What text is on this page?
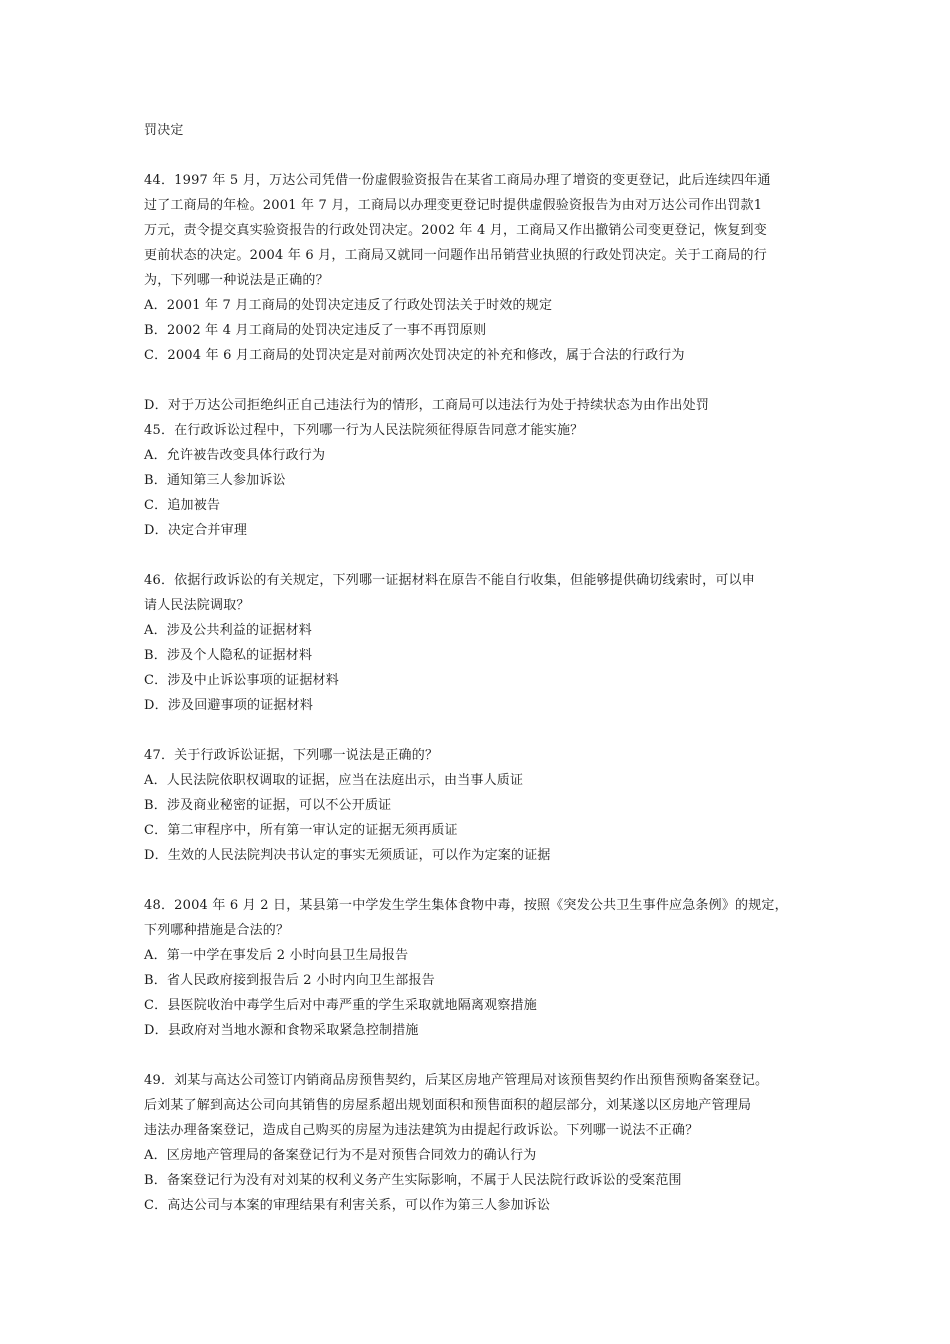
罚决定
44．1997 年 5 月，万达公司凭借一份虚假验资报告在某省工商局办理了增资的变更登记，此后连续四年通
过了工商局的年检。2001 年 7 月，工商局以办理变更登记时提供虚假验资报告为由对万达公司作出罚款1
万元，责令提交真实验资报告的行政处罚决定。2002 年 4 月，工商局又作出撤销公司变更登记，恢复到变
更前状态的决定。2004 年 6 月，工商局又就同一问题作出吊销营业执照的行政处罚决定。关于工商局的行
为，下列哪一种说法是正确的？
A．2001 年 7 月工商局的处罚决定违反了行政处罚法关于时效的规定
B．2002 年 4 月工商局的处罚决定违反了一事不再罚原则
C．2004 年 6 月工商局的处罚决定是对前两次处罚决定的补充和修改，属于合法的行政行为
D．对于万达公司拒绝纠正自己违法行为的情形，工商局可以违法行为处于持续状态为由作出处罚
45．在行政诉讼过程中，下列哪一行为人民法院须征得原告同意才能实施？
A．允许被告改变具体行政行为
B．通知第三人参加诉讼
C．追加被告
D．决定合并审理
46．依据行政诉讼的有关规定，下列哪一证据材料在原告不能自行收集，但能够提供确切线索时，可以申
请人民法院调取？
A．涉及公共利益的证据材料
B．涉及个人隐私的证据材料
C．涉及中止诉讼事项的证据材料
D．涉及回避事项的证据材料
47．关于行政诉讼证据，下列哪一说法是正确的？
A．人民法院依职权调取的证据，应当在法庭出示，由当事人质证
B．涉及商业秘密的证据，可以不公开质证
C．第二审程序中，所有第一审认定的证据无须再质证
D．生效的人民法院判决书认定的事实无须质证，可以作为定案的证据
48．2004 年 6 月 2 日，某县第一中学发生学生集体食物中毒，按照《突发公共卫生事件应急条例》的规定，
下列哪种措施是合法的？
A．第一中学在事发后 2 小时向县卫生局报告
B．省人民政府接到报告后 2 小时内向卫生部报告
C．县医院收治中毒学生后对中毒严重的学生采取就地隔离观察措施
D．县政府对当地水源和食物采取紧急控制措施
49．刘某与高达公司签订内销商品房预售契约，后某区房地产管理局对该预售契约作出预售预购备案登记。
后刘某了解到高达公司向其销售的房屋系超出规划面积和预售面积的超层部分，刘某遂以区房地产管理局
违法办理备案登记，造成自己购买的房屋为违法建筑为由提起行政诉讼。下列哪一说法不正确？
A．区房地产管理局的备案登记行为不是对预售合同效力的确认行为
B．备案登记行为没有对刘某的权利义务产生实际影响，不属于人民法院行政诉讼的受案范围
C．高达公司与本案的审理结果有利害关系，可以作为第三人参加诉讼
